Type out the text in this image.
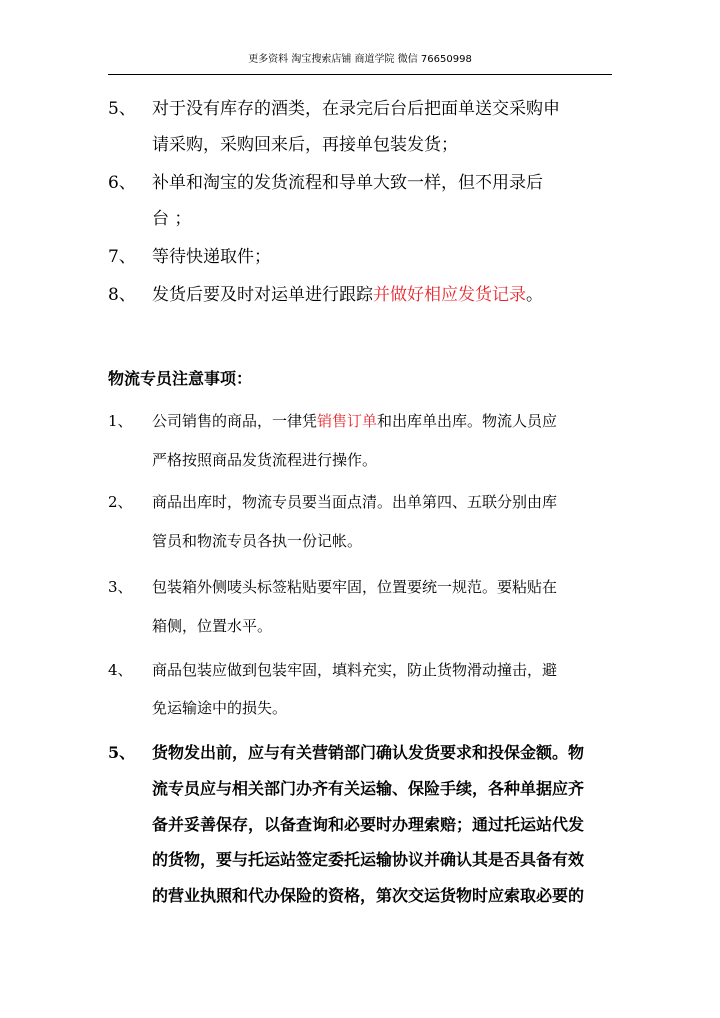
更多资料 淘宝搜索店铺 商道学院 微信 76650998
5、 对于没有库存的酒类，在录完后台后把面单送交采购申
请采购，采购回来后，再接单包装发货；
6、 补单和淘宝的发货流程和导单大致一样，但不用录后
台 ；
7、 等待快递取件；
8、 发货后要及时对运单进行跟踪并做好相应发货记录。
物流专员注意事项：
1、 公司销售的商品，一律凭销售订单和出库单出库。物流人员应
严格按照商品发货流程进行操作。
2、 商品出库时，物流专员要当面点清。出单第四、五联分别由库
管员和物流专员各执一份记帐。
3、 包装箱外侧唛头标签粘贴要牢固，位置要统一规范。要粘贴在
箱侧，位置水平。
4、 商品包装应做到包装牢固，填料充实，防止货物滑动撞击，避
免运输途中的损失。
5、 货物发出前，应与有关营销部门确认发货要求和投保金额。物
流专员应与相关部门办齐有关运输、保险手续，各种单据应齐
备并妥善保存，以备查询和必要时办理索赔；通过托运站代发
的货物，要与托运站签定委托运输协议并确认其是否具备有效
的营业执照和代办保险的资格，第次交运货物时应索取必要的
